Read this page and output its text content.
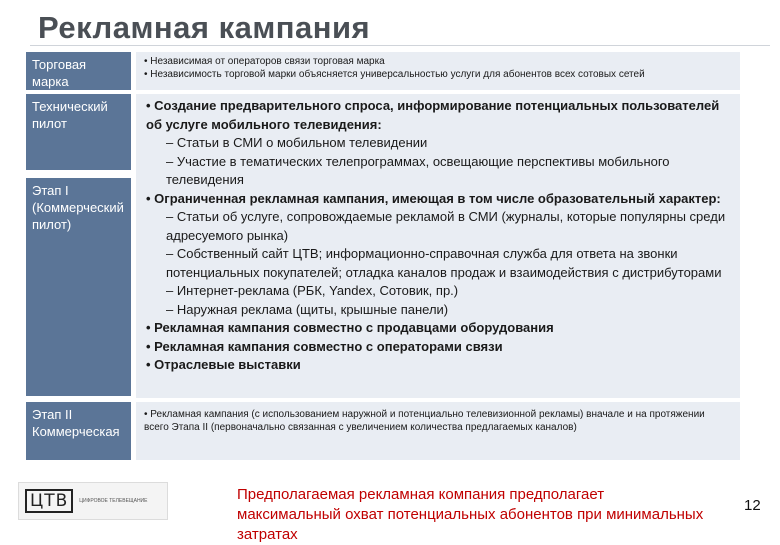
Рекламная кампания
Торговая марка
Технический пилот
Этап I (Коммерческий пилот)
Этап II Коммерческая
• Независимая от операторов связи торговая марка
• Независимость торговой марки объясняется универсальностью услуги для абонентов всех сотовых сетей

• Создание предварительного спроса, информирование потенциальных пользователей об услуге мобильного телевидения:

– Статьи в СМИ о мобильном телевидении

– Участие в тематических телепрограммах, освещающие перспективы мобильного телевидения

• Ограниченная рекламная кампания, имеющая в том числе образовательный характер:

– Статьи об услуге, сопровождаемые рекламой в СМИ (журналы, которые популярны среди адресуемого рынка)

– Собственный сайт ЦТВ; информационно-справочная служба для ответа на звонки потенциальных покупателей; отладка каналов продаж и взаимодействия с дистрибуторами

– Интернет-реклама (РБК, Yandex, Сотовик, пр.)

– Наружная реклама (щиты, крышные панели)

• Рекламная кампания совместно с продавцами оборудования

• Рекламная кампания совместно с операторами связи

• Отраслевые выставки

• Рекламная кампания (с использованием наружной и потенциально телевизионной рекламы) вначале и на протяжении всего Этапа II (первоначально связанная с увеличением количества предлагаемых каналов)
ЦТВ	ЦИФРОВОЕ ТЕЛЕВЕЩАНИЕ	Предполагаемая рекламная компания предполагает максимальный охват потенциальных абонентов при минимальных затратах
12
